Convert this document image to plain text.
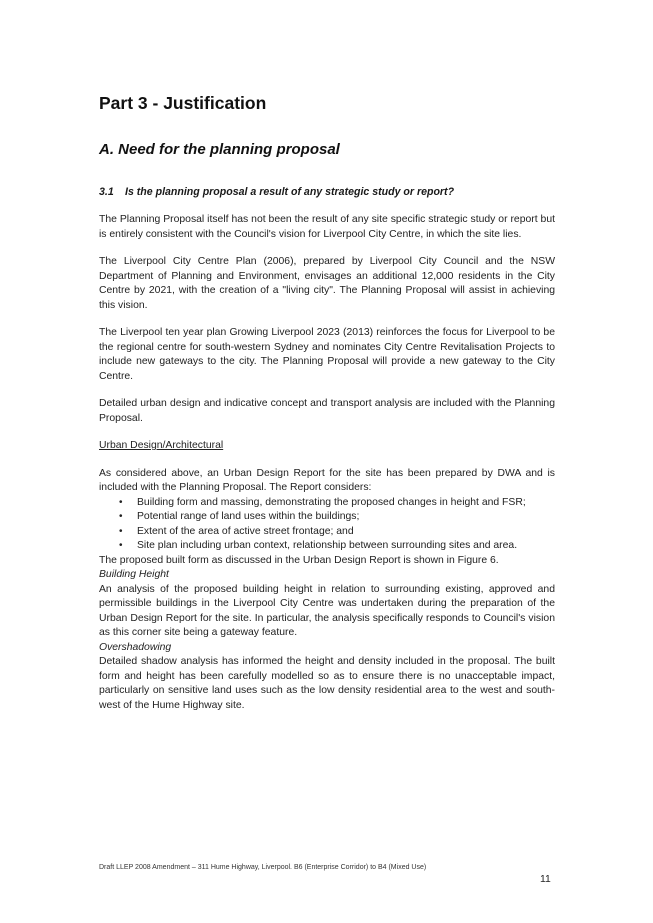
Part 3 - Justification
A. Need for the planning proposal
3.1	Is the planning proposal a result of any strategic study or report?

The Planning Proposal itself has not been the result of any site specific strategic study or report but is entirely consistent with the Council's vision for Liverpool City Centre, in which the site lies.

The Liverpool City Centre Plan (2006), prepared by Liverpool City Council and the NSW Department of Planning and Environment, envisages an additional 12,000 residents in the City Centre by 2021, with the creation of a "living city". The Planning Proposal will assist in achieving this vision.

The Liverpool ten year plan Growing Liverpool 2023 (2013) reinforces the focus for Liverpool to be the regional centre for south-western Sydney and nominates City Centre Revitalisation Projects to include new gateways to the city. The Planning Proposal will provide a new gateway to the City Centre.

Detailed urban design and indicative concept and transport analysis are included with the Planning Proposal.

Urban Design/Architectural

As considered above, an Urban Design Report for the site has been prepared by DWA and is included with the Planning Proposal. The Report considers:

• Building form and massing, demonstrating the proposed changes in height and FSR;
• Potential range of land uses within the buildings;
• Extent of the area of active street frontage; and
• Site plan including urban context, relationship between surrounding sites and area.

The proposed built form as discussed in the Urban Design Report is shown in Figure 6.

Building Height

An analysis of the proposed building height in relation to surrounding existing, approved and permissible buildings in the Liverpool City Centre was undertaken during the preparation of the Urban Design Report for the site. In particular, the analysis specifically responds to Council's vision as this corner site being a gateway feature.

Overshadowing

Detailed shadow analysis has informed the height and density included in the proposal. The built form and height has been carefully modelled so as to ensure there is no unacceptable impact, particularly on sensitive land uses such as the low density residential area to the west and south-west of the Hume Highway site.

Draft LLEP 2008 Amendment – 311 Hume Highway, Liverpool. B6 (Enterprise Corridor) to B4 (Mixed Use)
11
